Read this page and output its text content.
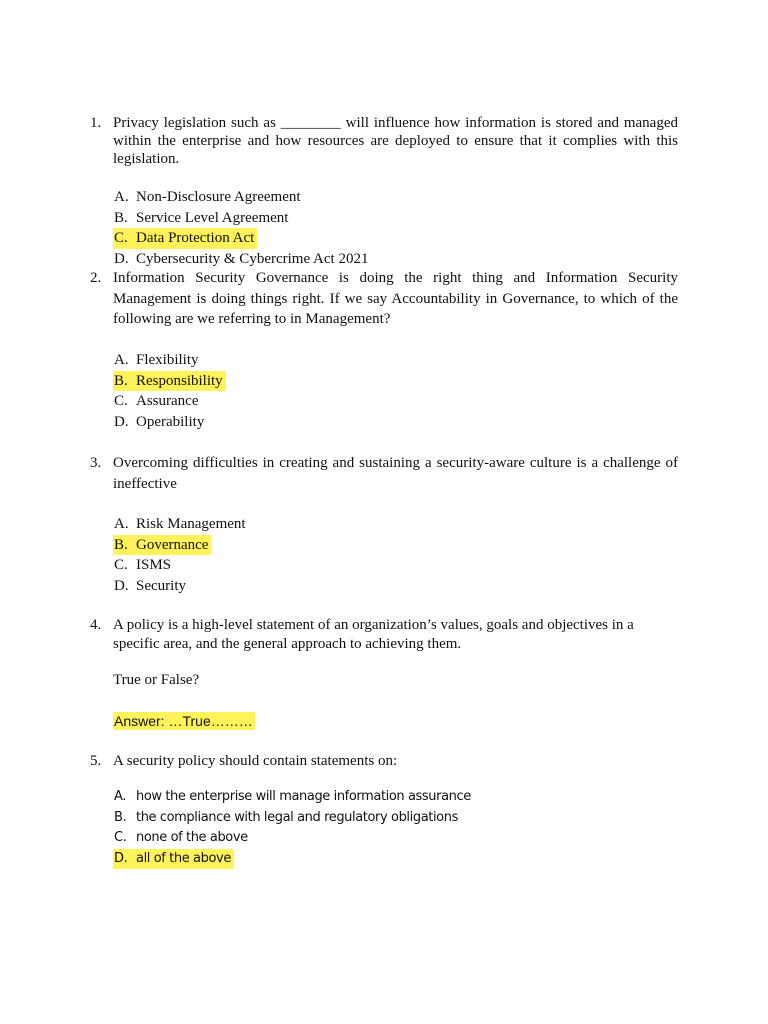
1. Privacy legislation such as ________ will influence how information is stored and managed within the enterprise and how resources are deployed to ensure that it complies with this legislation.
A. Non-Disclosure Agreement
B. Service Level Agreement
C. Data Protection Act
D. Cybersecurity & Cybercrime Act 2021
2. Information Security Governance is doing the right thing and Information Security Management is doing things right. If we say Accountability in Governance, to which of the following are we referring to in Management?
A. Flexibility
B. Responsibility
C. Assurance
D. Operability
3. Overcoming difficulties in creating and sustaining a security-aware culture is a challenge of ineffective
A. Risk Management
B. Governance
C. ISMS
D. Security
4. A policy is a high-level statement of an organization’s values, goals and objectives in a specific area, and the general approach to achieving them.
True or False?
Answer: …True………
5. A security policy should contain statements on:
A. how the enterprise will manage information assurance
B. the compliance with legal and regulatory obligations
C. none of the above
D. all of the above
